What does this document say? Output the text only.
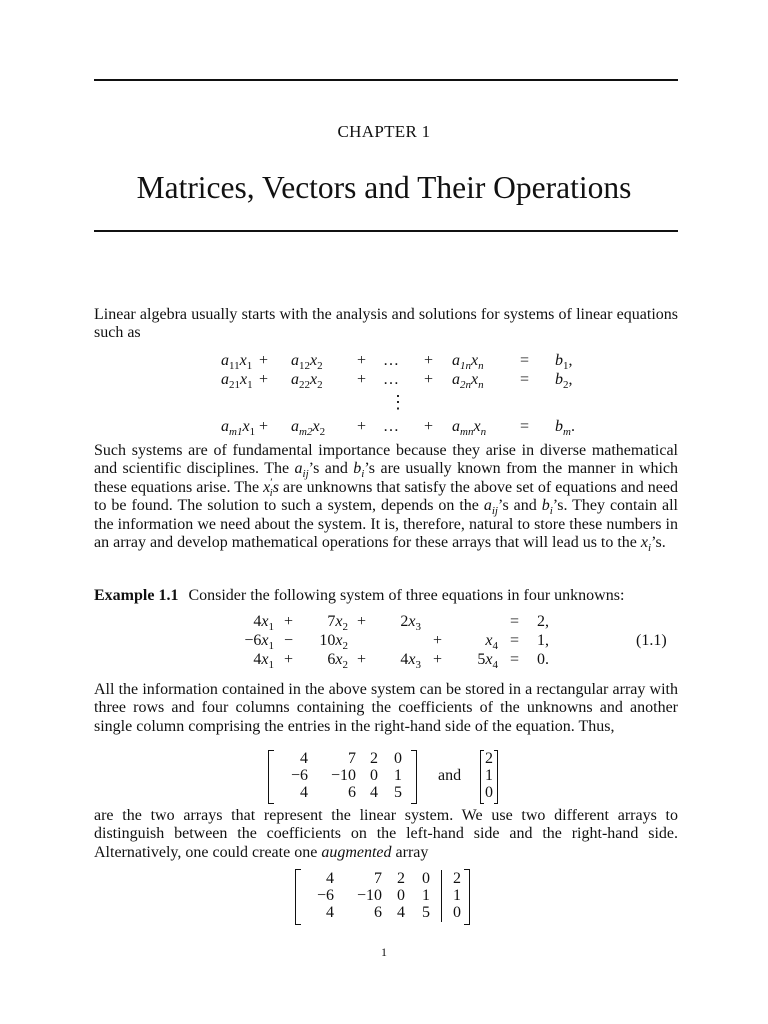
CHAPTER 1
Matrices, Vectors and Their Operations
Linear algebra usually starts with the analysis and solutions for systems of linear equations such as
$a_{11}x_1 + a_{12}x_2$ + … + $a_{1n}x_n = b_1$,
$a_{21}x_1 + a_{22}x_2$ + … + $a_{2n}x_n = b_2$,
⋮
$a_{m1}x_1 + a_{m2}x_2$ + … + $a_{mn}x_n = b_m$.
Such systems are of fundamental importance because they arise in diverse mathematical and scientific disciplines. The $a_{ij}’s$ and $b_i’s$ are usually known from the manner in which these equations arise. The $x'_is$ are unknowns that satisfy the above set of equations and need to be found. The solution to such a system, depends on the $a_{ij}’s$ and $b_i’s$. They contain all the information we need about the system. It is, therefore, natural to store these numbers in an array and develop mathematical operations for these arrays that will lead us to the $x_i’s$.
Example 1.1 Consider the following system of three equations in four unknowns:
$4x_1$ +	$7x_2$ +	$2x_3$	= 2,
$-6x_1$ −	$10x_2$	+	$x_4 = 1$,
$4x_1$ +	$6x_2$ +	$4x_3$ +	$5x_4 = 0$.
(1.1)
All the information contained in the above system can be stored in a rectangular array with three rows and four columns containing the coefficients of the unknowns and another single column comprising the entries in the right-hand side of the equation. Thus,
4	7 2 0
−6	−10 0 1
4	6 4 5
and
2
1
0
are the two arrays that represent the linear system. We use two different arrays to distinguish between the coefficients on the left-hand side and the right-hand side. Alternatively, one could create one augmented array
4	7 2 0 2
−6	−10 0 1 1
4	6 4 5 0
1
